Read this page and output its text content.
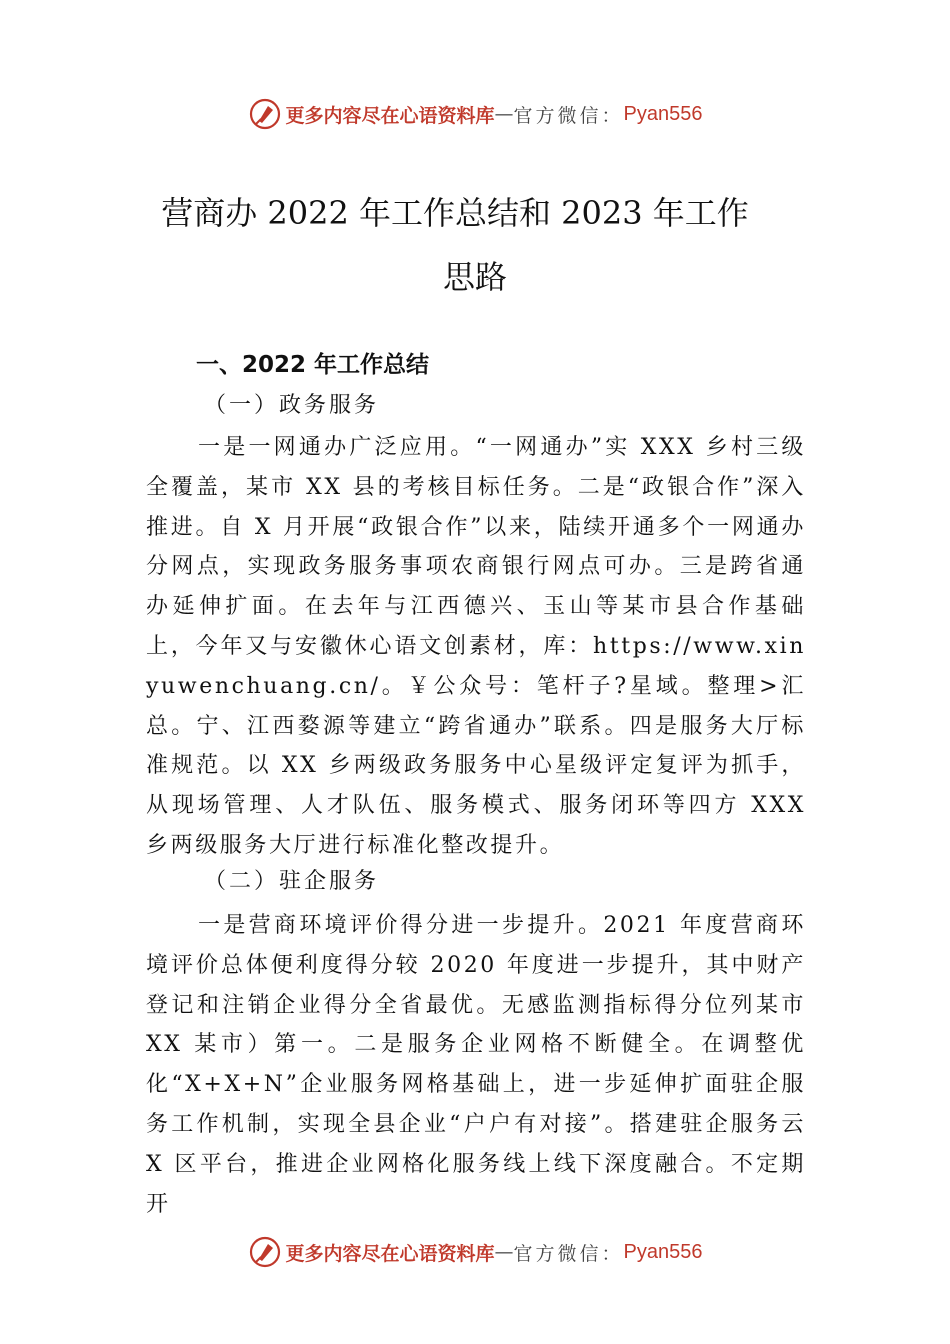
更多内容尽在心语资料库 — 官方微信： Pyan556
营商办 2022 年工作总结和 2023 年工作
思路
一、2022 年工作总结
（一）政务服务
一是一网通办广泛应用。“一网通办”实 XXX 乡村三级全覆盖，某市 XX 县的考核目标任务。二是“政银合作”深入推进。自 X 月开展“政银合作”以来，陆续开通多个一网通办分网点，实现政务服务事项农商银行网点可办。三是跨省通办延伸扩面。在去年与江西德兴、玉山等某市县合作基础上，今年又与安徽休心语文创素材，库：https://www.xinyuwenchuang.cn/。￥公众号：笔杆子?星域。整理>汇总。宁、江西婺源等建立“跨省通办”联系。四是服务大厅标准规范。以 XX 乡两级政务服务中心星级评定复评为抓手，从现场管理、人才队伍、服务模式、服务闭环等四方 XXX 乡两级服务大厅进行标准化整改提升。
（二）驻企服务
一是营商环境评价得分进一步提升。2021 年度营商环境评价总体便利度得分较 2020 年度进一步提升，其中财产登记和注销企业得分全省最优。无感监测指标得分位列某市 XX 某市）第一。二是服务企业网格不断健全。在调整优 化“X+X+N”企业服务网格基础上，进一步延伸扩面驻企服务工作机制，实现全县企业“户户有对接”。搭建驻企服务云 X 区平台，推进企业网格化服务线上线下深度融合。不定期开
更多内容尽在心语资料库 — 官方微信： Pyan556
